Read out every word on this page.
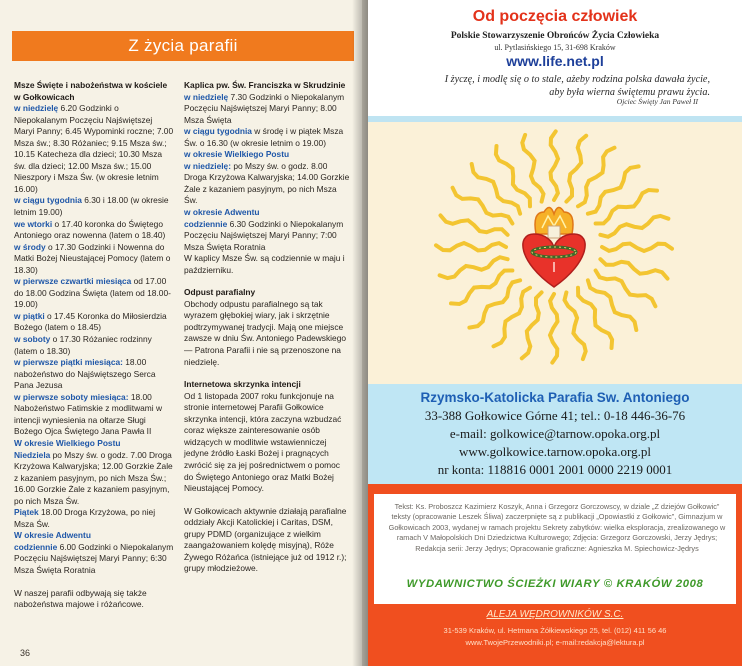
Z życia parafii

Msze Święte i nabożeństwa w kościele w Gołkowicach

w niedzielę 6.20 Godzinki o Niepokalanym Poczęciu Najświętszej Maryi Panny; 6.45 Wypominki roczne; 7.00 Msza św.; 8.30 Różaniec; 9.15 Msza św.; 10.15 Katecheza dla dzieci; 10.30 Msza św. dla dzieci; 12.00 Msza św.; 15.00 Nieszpory i Msza Św. (w okresie letnim 16.00)

w ciągu tygodnia 6.30 i 18.00 (w okresie letnim 19.00)

we wtorki o 17.40 koronka do Świętego Antoniego oraz nowenna (latem o 18.40)

w środy o 17.30 Godzinki i Nowenna do Matki Bożej Nieustającej Pomocy (latem o 18.30)

w pierwsze czwartki miesiąca od 17.00 do 18.00 Godzina Święta (latem od 18.00-19.00)

w piątki o 17.45 Koronka do Miłosierdzia Bożego (latem o 18.45)

w soboty o 17.30 Różaniec rodzinny (latem o 18.30)

w pierwsze piątki miesiąca: 18.00 nabożeństwo do Najświętszego Serca Pana Jezusa

w pierwsze soboty miesiąca: 18.00 Nabożeństwo Fatimskie z modlitwami w intencji wyniesienia na ołtarze Sługi Bożego Ojca Świętego Jana Pawła II

W okresie Wielkiego Postu

Niedziela po Mszy św. o godz. 7.00 Droga Krzyżowa Kalwaryjska; 12.00 Gorzkie Żale z kazaniem pasyjnym, po nich Msza Św.; 16.00 Gorzkie Żale z kazaniem pasyjnym, po nich Msza Św.

Piątek 18.00 Droga Krzyżowa, po niej Msza Św.

W okresie Adwentu

codziennie 6.00 Godzinki o Niepokalanym Poczęciu Najświętszej Maryi Panny; 6:30 Msza Święta Roratnia

W naszej parafii odbywają się także nabożeństwa majowe i różańcowe.

Kaplica pw. Św. Franciszka w Skrudzinie

w niedzielę 7.30 Godzinki o Niepokalanym Poczęciu Najświętszej Maryi Panny; 8.00 Msza Święta

w ciągu tygodnia w środę i w piątek Msza Św. o 16.30 (w okresie letnim o 19.00)

w okresie Wielkiego Postu

w niedzielę: po Mszy św. o godz. 8.00 Droga Krzyżowa Kalwaryjska; 14.00 Gorzkie Żale z kazaniem pasyjnym, po nich Msza Św.

w okresie Adwentu

codziennie 6.30 Godzinki o Niepokalanym Poczęciu Najświętszej Maryi Panny; 7:00 Msza Święta Roratnia

W kaplicy Msze Św. są codziennie w maju i październiku.

Odpust parafialny

Obchody odpustu parafialnego są tak wyrazem głębokiej wiary, jak i skrzętnie podtrzymywanej tradycji. Mają one miejsce zawsze w dniu Św. Antoniego Padewskiego — Patrona Parafii i nie są przenoszone na niedzielę.

Internetowa skrzynka intencji

Od 1 listopada 2007 roku funkcjonuje na stronie internetowej Parafii Gołkowice skrzynka intencji, która zaczyna wzbudzać coraz większe zainteresowanie osób widzących w modlitwie wstawienniczej jedyne źródło Łaski Bożej i pragnących zwrócić się za jej pośrednictwem o pomoc do Świętego Antoniego oraz Matki Bożej Nieustającej Pomocy.

W Gołkowicach aktywnie działają parafialne oddziały Akcji Katolickiej i Caritas, DSM, grupy PDMD (organizujące z wielkim zaangażowaniem kolędę misyjną), Róże Żywego Różańca (istniejące już od 1912 r.); grupy młodzieżowe.

36
Od poczęcia człowiek
Polskie Stowarzyszenie Obrońców Życia Człowieka
ul. Pytlasińskiego 15, 31-698 Kraków
www.life.net.pl
I życzę, i modlę się o to stale, ażeby rodzina polska dawała życie,
aby była wierna świętemu prawu życia.
Ojciec Święty Jan Paweł II
Rzymsko-Katolicka Parafia Sw. Antoniego
33-388 Gołkowice Górne 41; tel.: 0-18 446-36-76
e-mail: golkowice@tarnow.opoka.org.pl
www.golkowice.tarnow.opoka.org.pl
nr konta: 118816 0001 2001 0000 2219 0001
Tekst: Ks. Proboszcz Kazimierz Koszyk, Anna i Grzegorz Gorczowscy, w dziale „Z dziejów Gołkowic” teksty (opracowanie Leszek Śliwa) zaczerpnięte są z publikacji „Opowiastki z Gołkowic”, Gimnazjum w Gołkowicach 2003, wydanej w ramach projektu Sekrety zabytków: wielka eksploracja, zrealizowanego w ramach V Małopolskich Dni Dziedzictwa Kulturowego; Zdjęcia: Grzegorz Gorczowski, Jerzy Jędrys; Redakcja serii: Jerzy Jędrys; Opracowanie graficzne: Agnieszka M. Spiechowicz-Jędrys
WYDAWNICTWO ŚCIEŻKI WIARY © KRAKÓW 2008
ALEJA WĘDROWNIKÓW S.C.
31-539 Kraków, ul. Hetmana Żółkiewskiego 25, tel. (012) 411 56 46
www.TwojePrzewodniki.pl; e-mail:redakcja@lektura.pl
